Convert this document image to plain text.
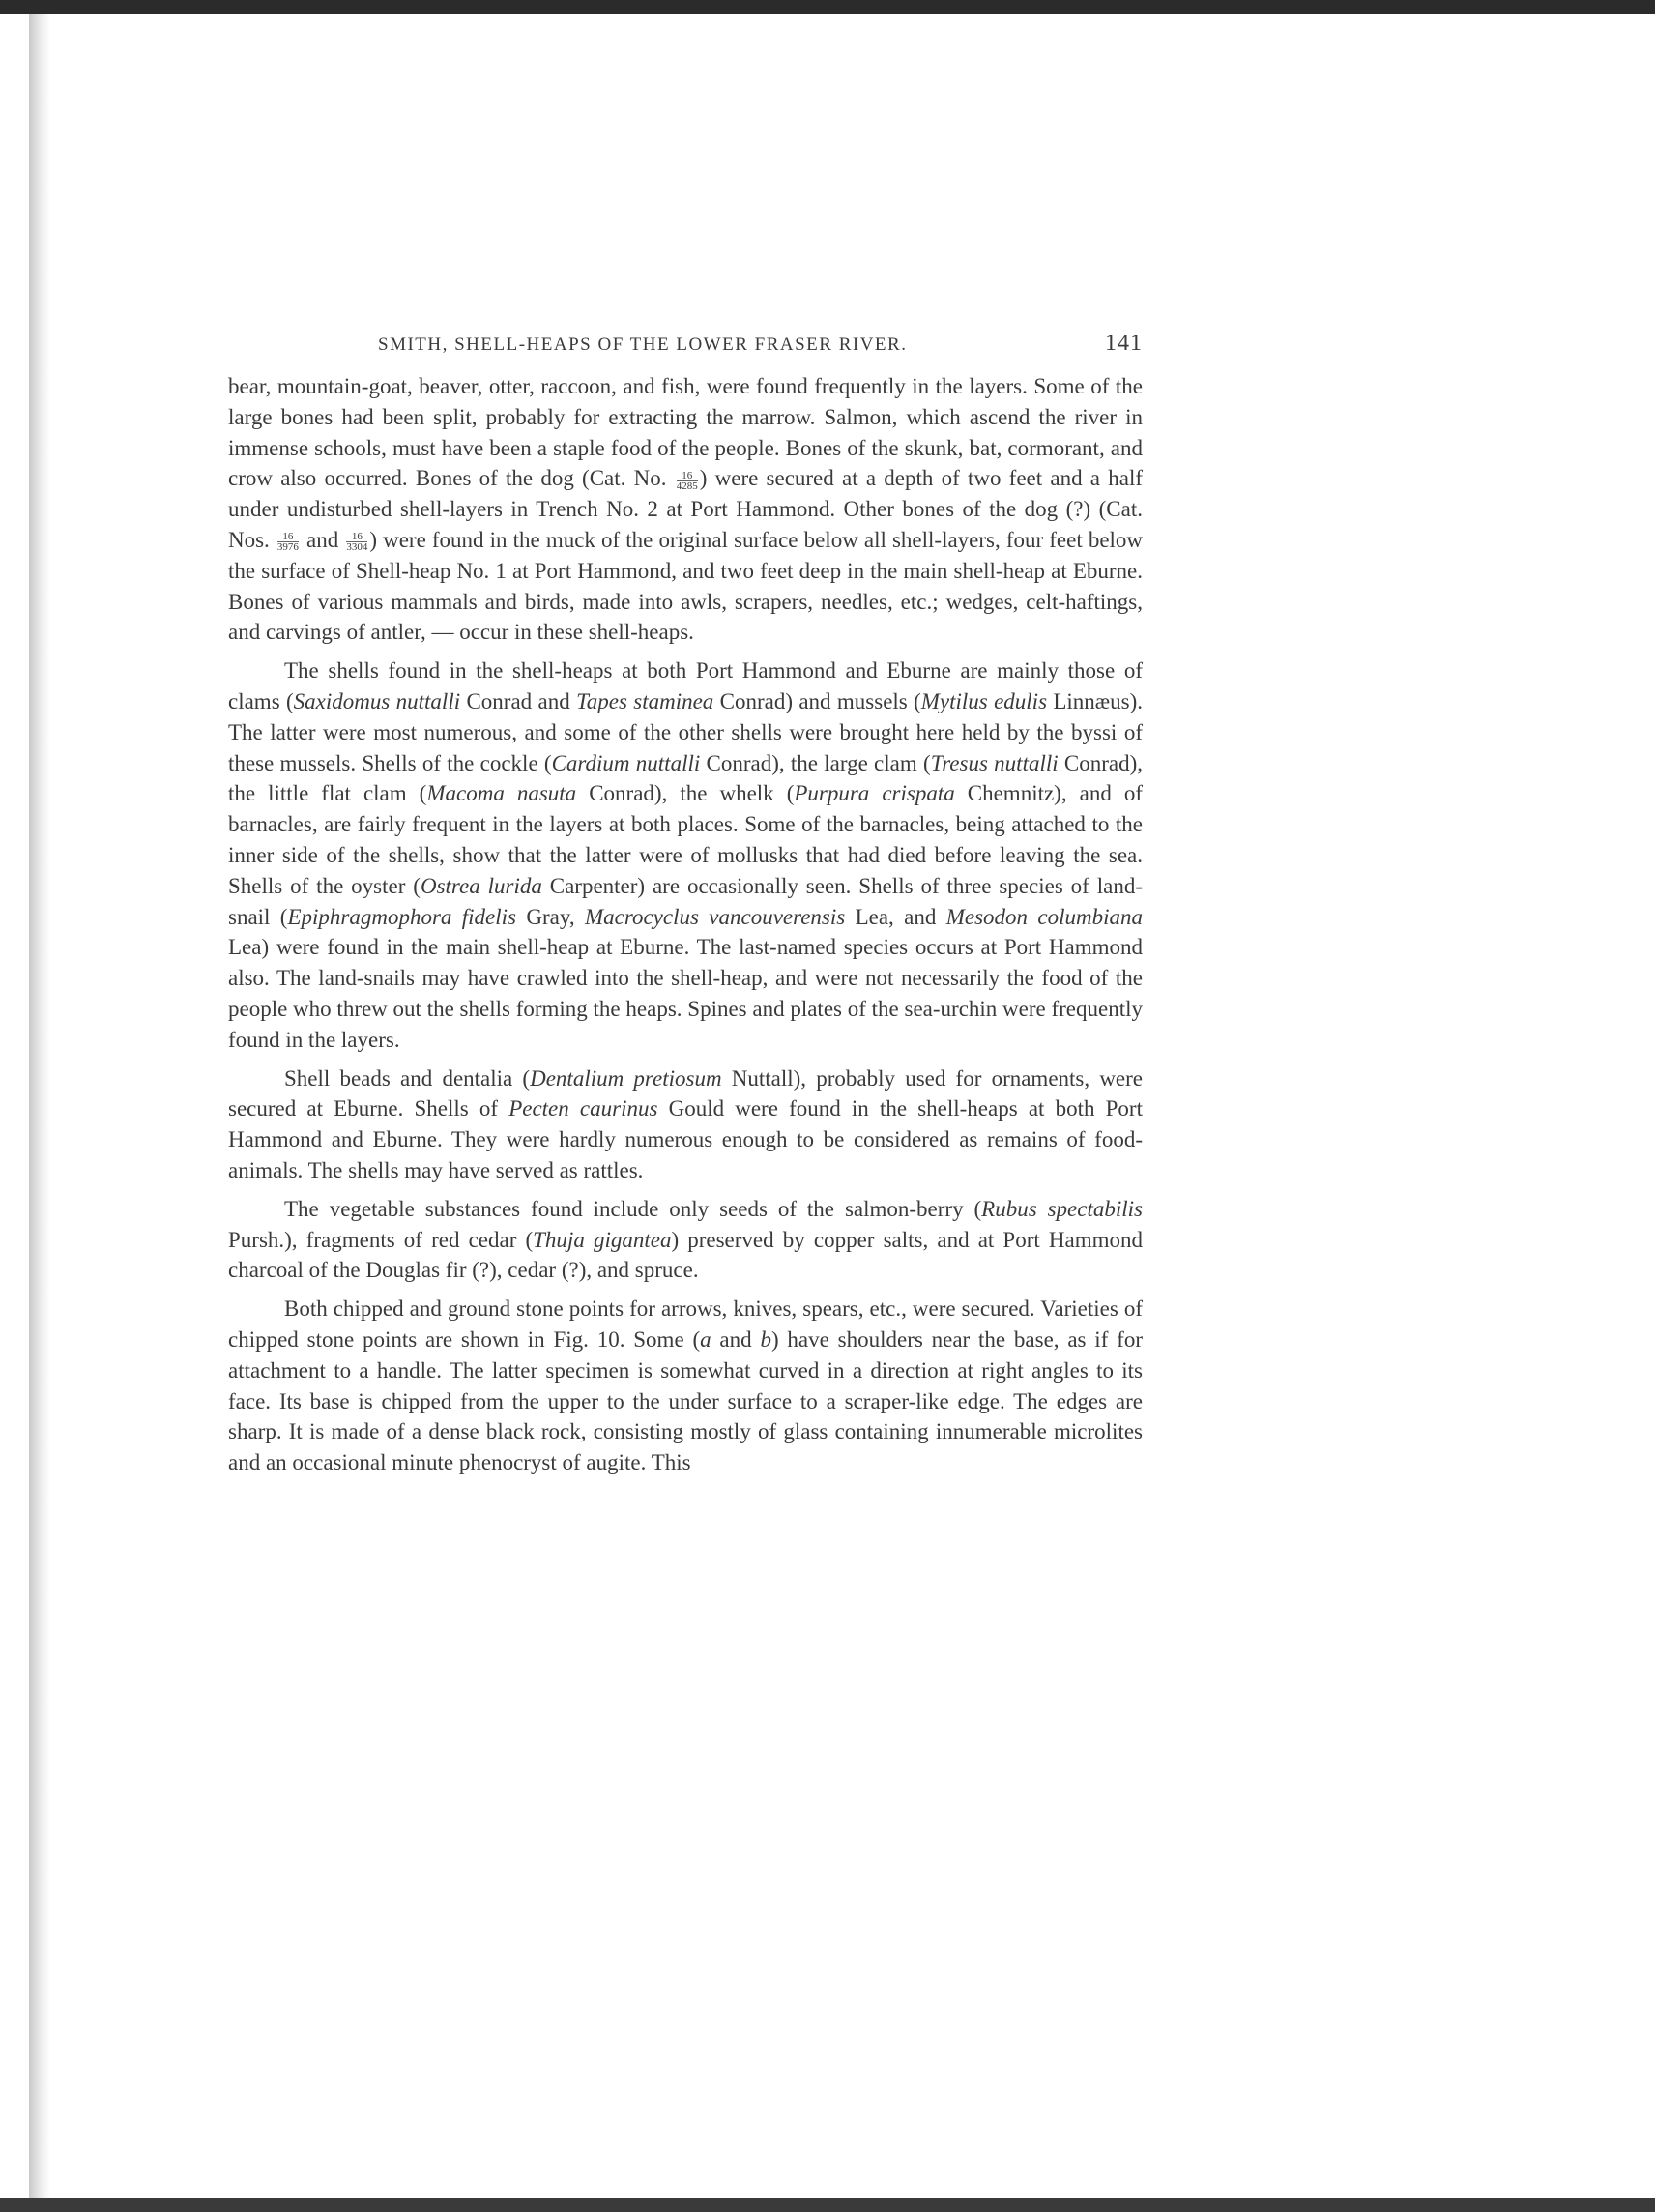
SMITH, SHELL-HEAPS OF THE LOWER FRASER RIVER.	141

bear, mountain-goat, beaver, otter, raccoon, and fish, were found frequently in the layers. Some of the large bones had been split, probably for extracting the marrow. Salmon, which ascend the river in immense schools, must have been a staple food of the people. Bones of the skunk, bat, cormorant, and crow also occurred. Bones of the dog (Cat. No. $\frac{16}{4285}$ ) were secured at a depth of two feet and a half under undisturbed shell-layers in Trench No. 2 at Port Hammond. Other bones of the dog (?) (Cat. Nos. $\frac{16}{3976}$ and $\frac{16}{3304}$ ) were found in the muck of the original surface below all shell-layers, four feet below the surface of Shell-heap No. 1 at Port Hammond, and two feet deep in the main shell-heap at Eburne. Bones of various mammals and birds, made into awls, scrapers, needles, etc.; wedges, celt-haftings, and carvings of antler, — occur in these shell-heaps.

The shells found in the shell-heaps at both Port Hammond and Eburne are mainly those of clams (Saxidomus nuttalli Conrad and Tapes staminea Conrad) and mussels (Mytilus edulis Linnæus). The latter were most numerous, and some of the other shells were brought here held by the byssi of these mussels. Shells of the cockle (Cardium nuttalli Conrad), the large clam (Tresus nuttalli Conrad), the little flat clam (Macoma nasuta Conrad), the whelk (Purpura crispata Chemnitz), and of barnacles, are fairly frequent in the layers at both places. Some of the barnacles, being attached to the inner side of the shells, show that the latter were of mollusks that had died before leaving the sea. Shells of the oyster (Ostrea lurida Carpenter) are occasionally seen. Shells of three species of land-snail (Epiphragmophora fidelis Gray, Macrocyclus vancouverensis Lea, and Mesodon columbiana Lea) were found in the main shell-heap at Eburne. The last-named species occurs at Port Hammond also. The land-snails may have crawled into the shell-heap, and were not necessarily the food of the people who threw out the shells forming the heaps. Spines and plates of the sea-urchin were frequently found in the layers.

Shell beads and dentalia (Dentalium pretiosum Nuttall), probably used for ornaments, were secured at Eburne. Shells of Pecten caurinus Gould were found in the shell-heaps at both Port Hammond and Eburne. They were hardly numerous enough to be considered as remains of food-animals. The shells may have served as rattles.

The vegetable substances found include only seeds of the salmon-berry (Rubus spectabilis Pursh.), fragments of red cedar (Thuja gigantea) preserved by copper salts, and at Port Hammond charcoal of the Douglas fir (?), cedar (?), and spruce.

Both chipped and ground stone points for arrows, knives, spears, etc., were secured. Varieties of chipped stone points are shown in Fig. 10. Some (a and b) have shoulders near the base, as if for attachment to a handle. The latter specimen is somewhat curved in a direction at right angles to its face. Its base is chipped from the upper to the under surface to a scraper-like edge. The edges are sharp. It is made of a dense black rock, consisting mostly of glass containing innumerable microlites and an occasional minute phenocryst of augite. This
